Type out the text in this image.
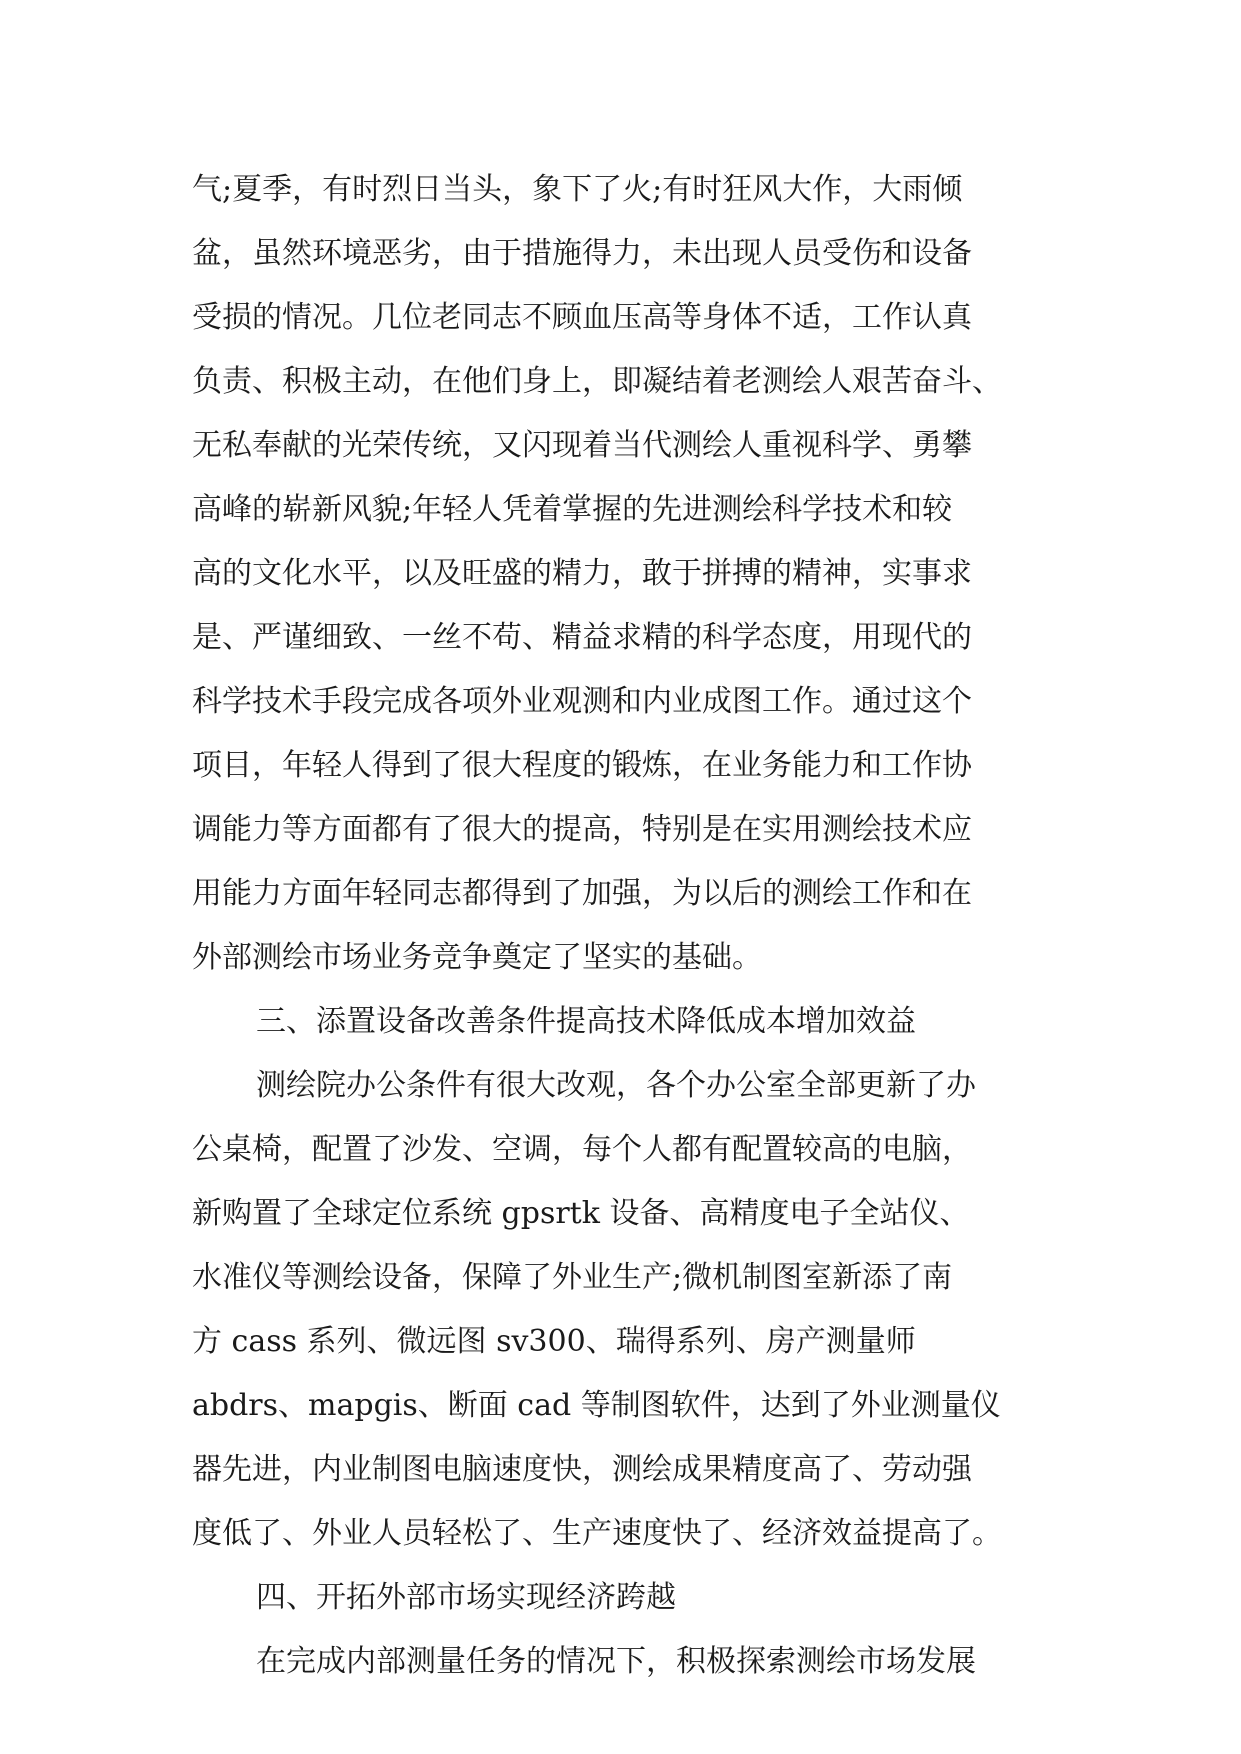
气;夏季，有时烈日当头，象下了火;有时狂风大作，大雨倾
盆，虽然环境恶劣，由于措施得力，未出现人员受伤和设备
受损的情况。几位老同志不顾血压高等身体不适，工作认真
负责、积极主动，在他们身上，即凝结着老测绘人艰苦奋斗、
无私奉献的光荣传统，又闪现着当代测绘人重视科学、勇攀
高峰的崭新风貌;年轻人凭着掌握的先进测绘科学技术和较
高的文化水平，以及旺盛的精力，敢于拼搏的精神，实事求
是、严谨细致、一丝不苟、精益求精的科学态度，用现代的
科学技术手段完成各项外业观测和内业成图工作。通过这个
项目，年轻人得到了很大程度的锻炼，在业务能力和工作协
调能力等方面都有了很大的提高，特别是在实用测绘技术应
用能力方面年轻同志都得到了加强，为以后的测绘工作和在
外部测绘市场业务竞争奠定了坚实的基础。
三、添置设备改善条件提高技术降低成本增加效益
测绘院办公条件有很大改观，各个办公室全部更新了办
公桌椅，配置了沙发、空调，每个人都有配置较高的电脑，
新购置了全球定位系统 gpsrtk 设备、高精度电子全站仪、
水准仪等测绘设备，保障了外业生产;微机制图室新添了南
方 cass 系列、微远图 sv300、瑞得系列、房产测量师
abdrs、mapgis、断面 cad 等制图软件，达到了外业测量仪
器先进，内业制图电脑速度快，测绘成果精度高了、劳动强
度低了、外业人员轻松了、生产速度快了、经济效益提高了。
四、开拓外部市场实现经济跨越
在完成内部测量任务的情况下，积极探索测绘市场发展
